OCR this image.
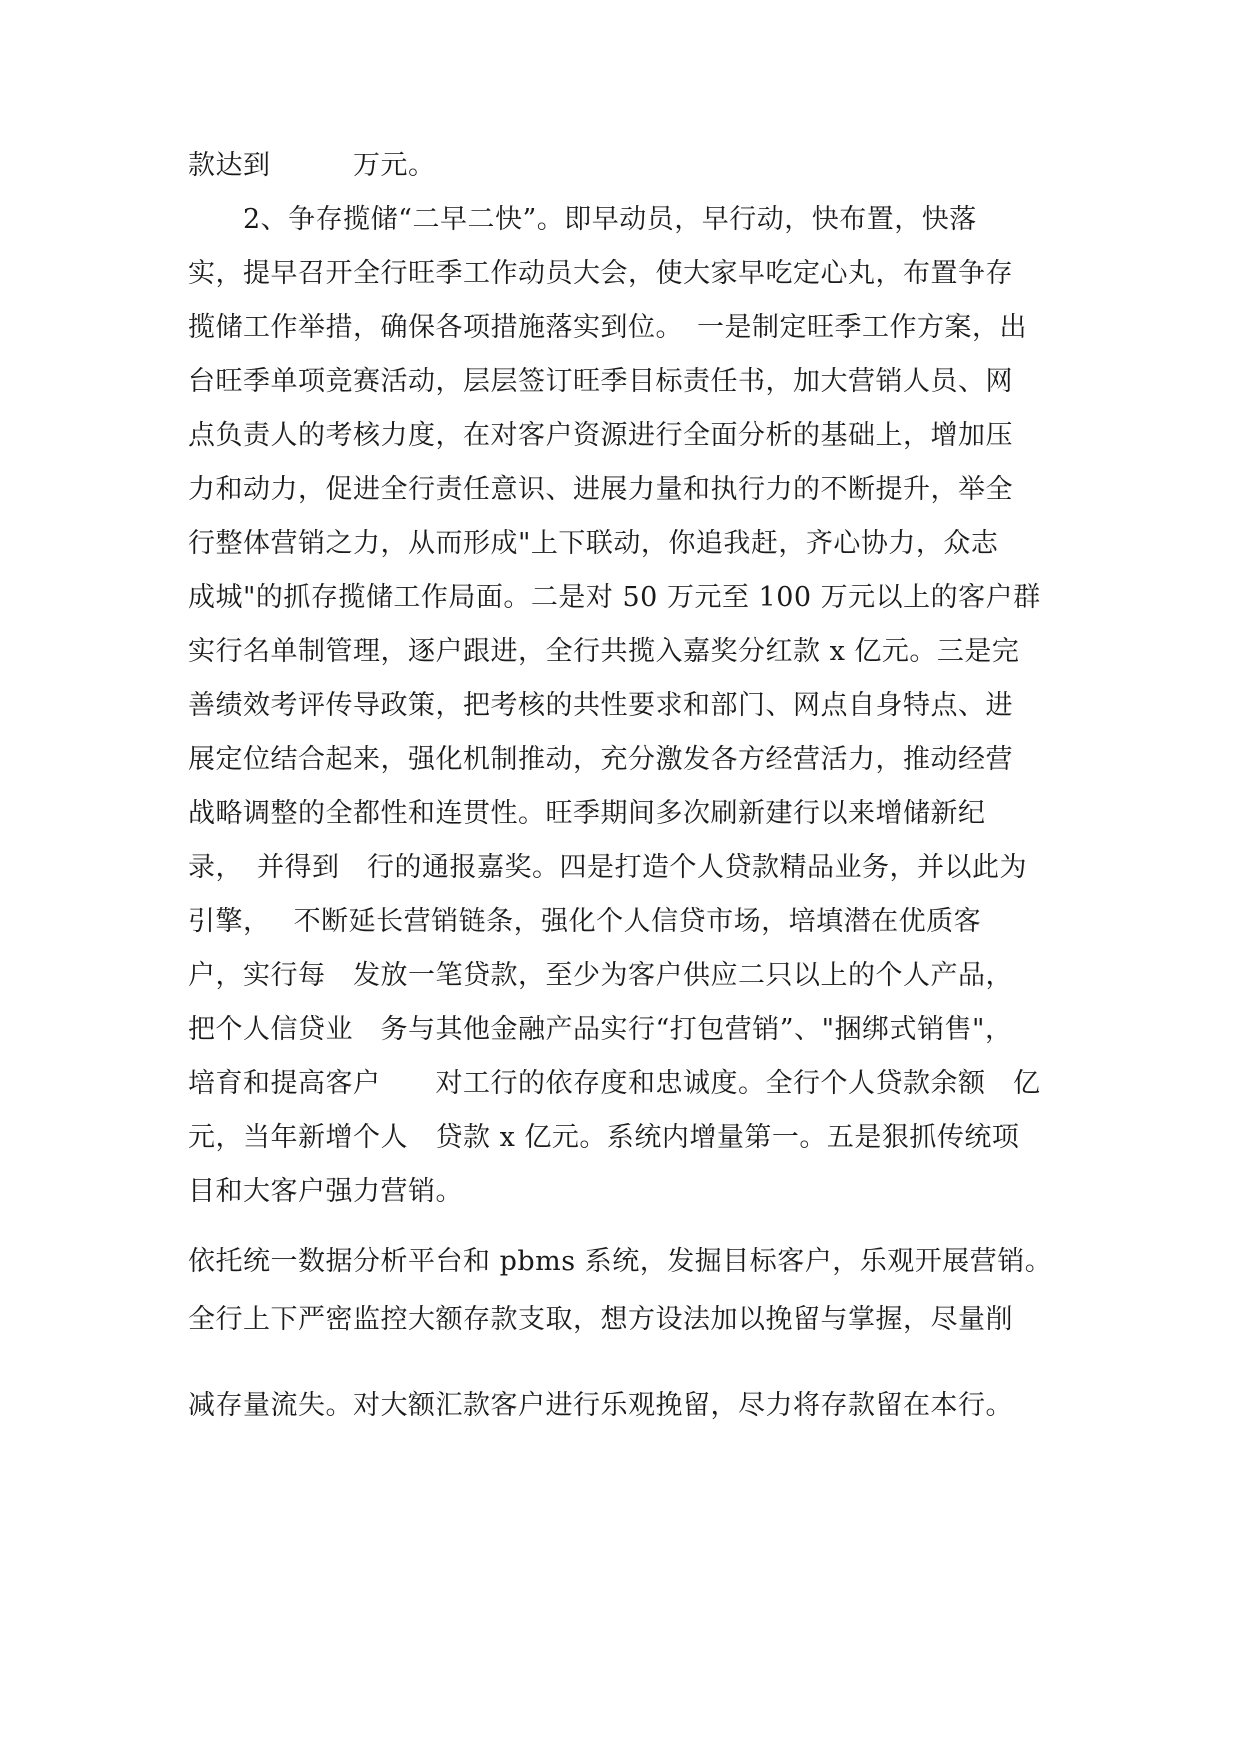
款达到　　　万元。
　　2、争存揽储“二早二快”。即早动员，早行动，快布置，快落
实，提早召开全行旺季工作动员大会，使大家早吃定心丸，布置争存
揽储工作举措，确保各项措施落实到位。　一是制定旺季工作方案，出
台旺季单项竞赛活动，层层签订旺季目标责任书，加大营销人员、网
点负责人的考核力度，在对客户资源进行全面分析的基础上，增加压
力和动力，促进全行责任意识、进展力量和执行力的不断提升，举全
行整体营销之力，从而形成"上下联动，你追我赶，齐心协力，众志
成城"的抓存揽储工作局面。二是对 50 万元至 100 万元以上的客户群
实行名单制管理，逐户跟进，全行共揽入嘉奖分红款 x 亿元。三是完
善绩效考评传导政策，把考核的共性要求和部门、网点自身特点、进
展定位结合起来，强化机制推动，充分激发各方经营活力，推动经营
战略调整的全都性和连贯性。旺季期间多次刷新建行以来增储新纪
录，　并得到　行的通报嘉奖。四是打造个人贷款精品业务，并以此为
引擎，　 不断延长营销链条，强化个人信贷市场，培填潜在优质客
户，实行每　发放一笔贷款，至少为客户供应二只以上的个人产品，
把个人信贷业　务与其他金融产品实行“打包营销”、"捆绑式销售"，
培育和提高客户　　对工行的依存度和忠诚度。全行个人贷款余额　亿
元，当年新增个人　贷款 x 亿元。系统内增量第一。五是狠抓传统项
目和大客户强力营销。
依托统一数据分析平台和 pbms 系统，发掘目标客户，乐观开展营销。
全行上下严密监控大额存款支取，想方设法加以挽留与掌握，尽量削
减存量流失。对大额汇款客户进行乐观挽留，尽力将存款留在本行。
